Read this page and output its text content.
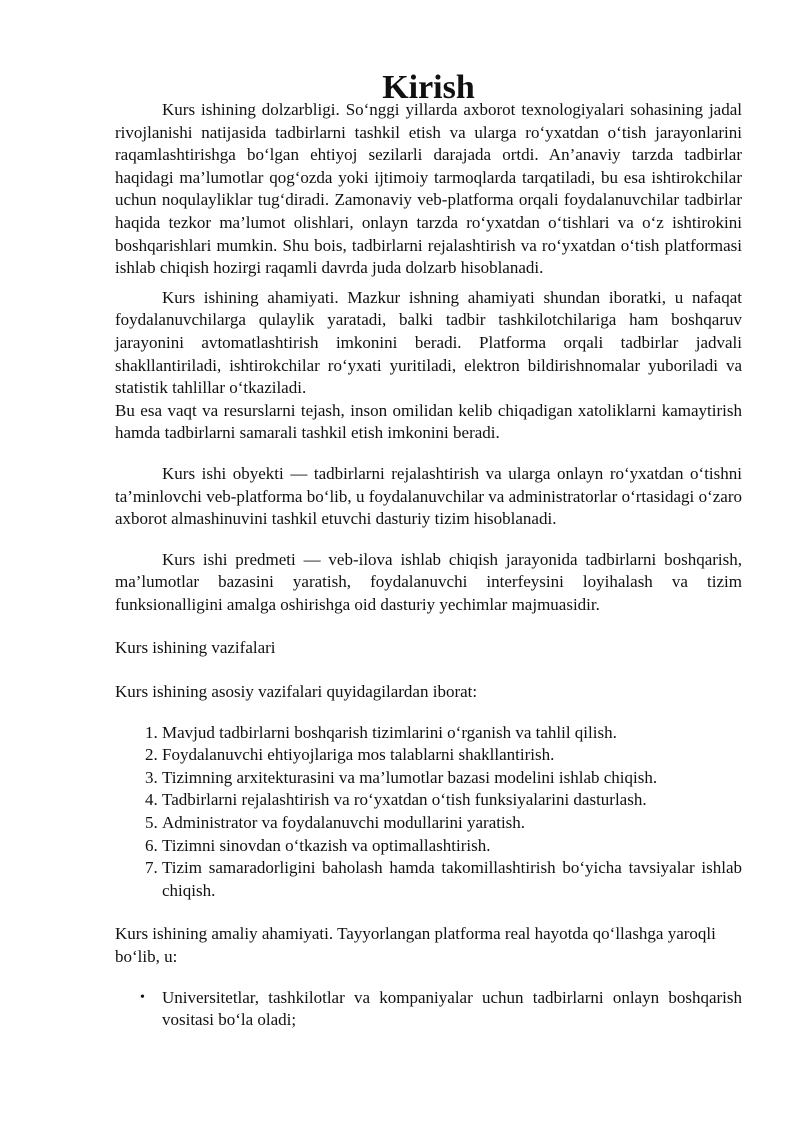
Kirish

Kurs ishining dolzarbligi. So‘nggi yillarda axborot texnologiyalari sohasining jadal rivojlanishi natijasida tadbirlarni tashkil etish va ularga ro‘yxatdan o‘tish jarayonlarini raqamlashtirishga bo‘lgan ehtiyoj sezilarli darajada ortdi. An’anaviy tarzda tadbirlar haqidagi ma’lumotlar qog‘ozda yoki ijtimoiy tarmoqlarda tarqatiladi, bu esa ishtirokchilar uchun noqulayliklar tug‘diradi. Zamonaviy veb-platforma orqali foydalanuvchilar tadbirlar haqida tezkor ma’lumot olishlari, onlayn tarzda ro‘yxatdan o‘tishlari va o‘z ishtirokini boshqarishlari mumkin. Shu bois, tadbirlarni rejalashtirish va ro‘yxatdan o‘tish platformasi ishlab chiqish hozirgi raqamli davrda juda dolzarb hisoblanadi.

Kurs ishining ahamiyati. Mazkur ishning ahamiyati shundan iboratki, u nafaqat foydalanuvchilarga qulaylik yaratadi, balki tadbir tashkilotchilariga ham boshqaruv jarayonini avtomatlashtirish imkonini beradi. Platforma orqali tadbirlar jadvali shakllantiriladi, ishtirokchilar ro‘yxati yuritiladi, elektron bildirishnomalar yuboriladi va statistik tahlillar o‘tkaziladi.

Bu esa vaqt va resurslarni tejash, inson omilidan kelib chiqadigan xatoliklarni kamaytirish hamda tadbirlarni samarali tashkil etish imkonini beradi.

Kurs ishi obyekti — tadbirlarni rejalashtirish va ularga onlayn ro‘yxatdan o‘tishni ta’minlovchi veb-platforma bo‘lib, u foydalanuvchilar va administratorlar o‘rtasidagi o‘zaro axborot almashinuvini tashkil etuvchi dasturiy tizim hisoblanadi.

Kurs ishi predmeti — veb-ilova ishlab chiqish jarayonida tadbirlarni boshqarish, ma’lumotlar bazasini yaratish, foydalanuvchi interfeysini loyihalash va tizim funksionalligini amalga oshirishga oid dasturiy yechimlar majmuasidir.

Kurs ishining vazifalari

Kurs ishining asosiy vazifalari quyidagilardan iborat:

1. Mavjud tadbirlarni boshqarish tizimlarini o‘rganish va tahlil qilish.
2. Foydalanuvchi ehtiyojlariga mos talablarni shakllantirish.
3. Tizimning arxitekturasini va ma’lumotlar bazasi modelini ishlab chiqish.
4. Tadbirlarni rejalashtirish va ro‘yxatdan o‘tish funksiyalarini dasturlash.
5. Administrator va foydalanuvchi modullarini yaratish.
6. Tizimni sinovdan o‘tkazish va optimallashtirish.
7. Tizim samaradorligini baholash hamda takomillashtirish bo‘yicha tavsiyalar ishlab chiqish.

Kurs ishining amaliy ahamiyati. Tayyorlangan platforma real hayotda qo‘llashga yaroqli bo‘lib, u:

• Universitetlar, tashkilotlar va kompaniyalar uchun tadbirlarni onlayn boshqarish vositasi bo‘la oladi;
